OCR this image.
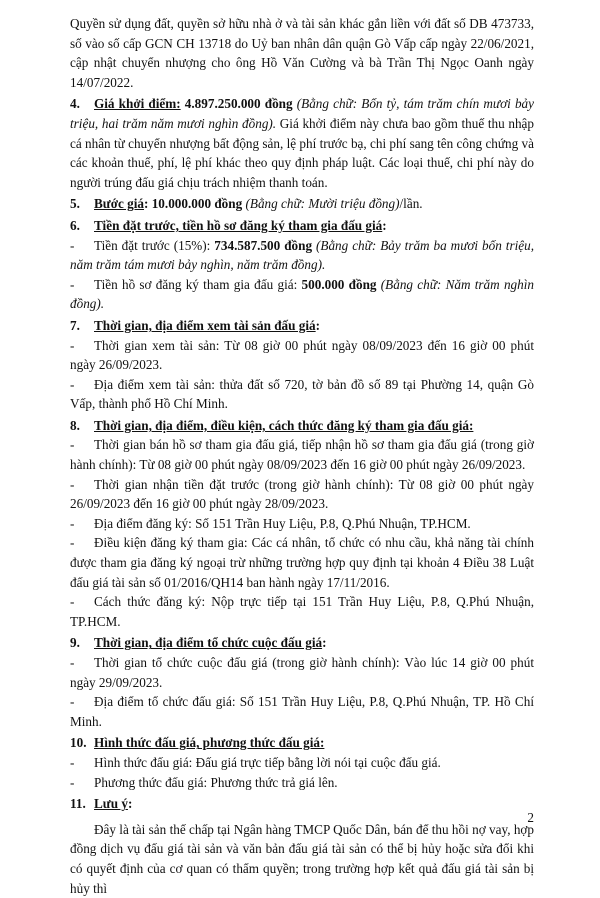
Quyền sử dụng đất, quyền sở hữu nhà ở và tài sản khác gắn liền với đất số DB 473733, số vào số cấp GCN CH 13718 do Uỷ ban nhân dân quận Gò Vấp cấp ngày 22/06/2021, cập nhật chuyển nhượng cho ông Hồ Văn Cường và bà Trần Thị Ngọc Oanh ngày 14/07/2022.

4. Giá khởi điểm: 4.897.250.000 đồng (Bằng chữ: Bốn tỷ, tám trăm chín mươi bảy triệu, hai trăm năm mươi nghìn đồng). Giá khởi điểm này chưa bao gồm thuế thu nhập cá nhân từ chuyển nhượng bất động sản, lệ phí trước bạ, chi phí sang tên công chứng và các khoản thuế, phí, lệ phí khác theo quy định pháp luật. Các loại thuế, chi phí này do người trúng đấu giá chịu trách nhiệm thanh toán.

5. Bước giá: 10.000.000 đồng (Bằng chữ: Mười triệu đồng)/lần.

6. Tiền đặt trước, tiền hồ sơ đăng ký tham gia đấu giá:

- Tiền đặt trước (15%): 734.587.500 đồng (Bằng chữ: Bảy trăm ba mươi bốn triệu, năm trăm tám mươi bảy nghìn, năm trăm đồng).

- Tiền hồ sơ đăng ký tham gia đấu giá: 500.000 đồng (Bằng chữ: Năm trăm nghìn đồng).

7. Thời gian, địa điểm xem tài sản đấu giá:

- Thời gian xem tài sản: Từ 08 giờ 00 phút ngày 08/09/2023 đến 16 giờ 00 phút ngày 26/09/2023.

- Địa điểm xem tài sản: thửa đất số 720, tờ bản đồ số 89 tại Phường 14, quận Gò Vấp, thành phố Hồ Chí Minh.

8. Thời gian, địa điểm, điều kiện, cách thức đăng ký tham gia đấu giá:

- Thời gian bán hồ sơ tham gia đấu giá, tiếp nhận hồ sơ tham gia đấu giá (trong giờ hành chính): Từ 08 giờ 00 phút ngày 08/09/2023 đến 16 giờ 00 phút ngày 26/09/2023.

- Thời gian nhận tiền đặt trước (trong giờ hành chính): Từ 08 giờ 00 phút ngày 26/09/2023 đến 16 giờ 00 phút ngày 28/09/2023.

- Địa điểm đăng ký: Số 151 Trần Huy Liệu, P.8, Q.Phú Nhuận, TP.HCM.

- Điều kiện đăng ký tham gia: Các cá nhân, tổ chức có nhu cầu, khả năng tài chính được tham gia đăng ký ngoại trừ những trường hợp quy định tại khoản 4 Điều 38 Luật đấu giá tài sản số 01/2016/QH14 ban hành ngày 17/11/2016.

- Cách thức đăng ký: Nộp trực tiếp tại 151 Trần Huy Liệu, P.8, Q.Phú Nhuận, TP.HCM.

9. Thời gian, địa điểm tổ chức cuộc đấu giá:

- Thời gian tổ chức cuộc đấu giá (trong giờ hành chính): Vào lúc 14 giờ 00 phút ngày 29/09/2023.

- Địa điểm tổ chức đấu giá: Số 151 Trần Huy Liệu, P.8, Q.Phú Nhuận, TP. Hồ Chí Minh.

10. Hình thức đấu giá, phương thức đấu giá:

- Hình thức đấu giá: Đấu giá trực tiếp bằng lời nói tại cuộc đấu giá.

- Phương thức đấu giá: Phương thức trả giá lên.

11. Lưu ý:

Đây là tài sản thế chấp tại Ngân hàng TMCP Quốc Dân, bán để thu hồi nợ vay, hợp đồng dịch vụ đấu giá tài sản và văn bản đấu giá tài sản có thể bị hủy hoặc sửa đổi khi có quyết định của cơ quan có thẩm quyền; trong trường hợp kết quả đấu giá tài sản bị hủy thì

2
